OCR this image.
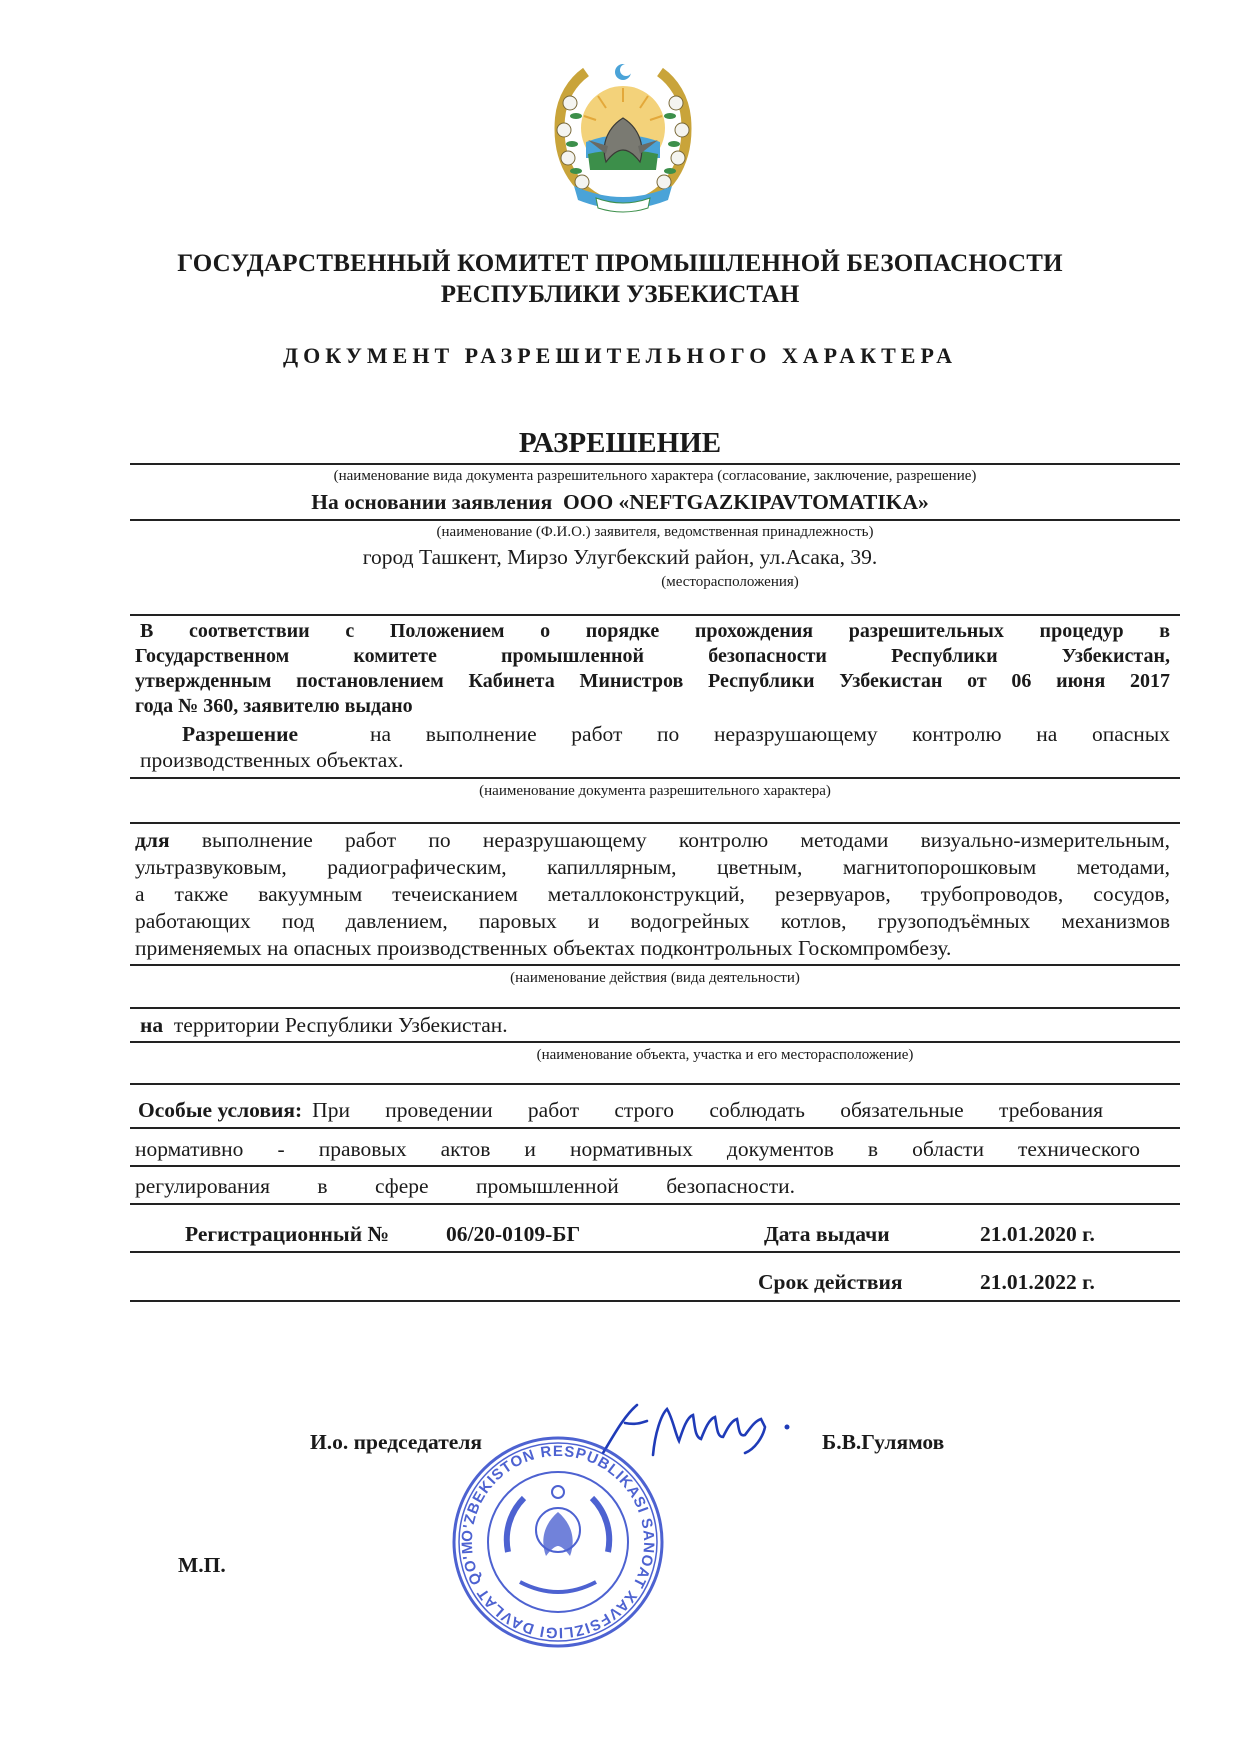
ГОСУДАРСТВЕННЫЙ КОМИТЕТ ПРОМЫШЛЕННОЙ БЕЗОПАСНОСТИ
РЕСПУБЛИКИ УЗБЕКИСТАН
ДОКУМЕНТ РАЗРЕШИТЕЛЬНОГО ХАРАКТЕРА
РАЗРЕШЕНИЕ
(наименование вида документа разрешительного характера (согласование, заключение, разрешение)
На основании заявления ООО «NEFTGAZKIPAVTOMATIKA»
(наименование (Ф.И.О.) заявителя, ведомственная принадлежность)
город Ташкент, Мирзо Улугбекский район, ул.Асака, 39.
(месторасположения)
В соответствии с Положением о порядке прохождения разрешительных процедур в
Государственном комитете промышленной безопасности Республики Узбекистан,
утвержденным постановлением Кабинета Министров Республики Узбекистан от 06 июня 2017
года № 360, заявителю выдано
Разрешение	на выполнение работ по неразрушающему контролю на опасных
производственных объектах.
(наименование документа разрешительного характера)
для выполнение работ по неразрушающему контролю методами визуально-измерительным,
ультразвуковым, радиографическим, капиллярным, цветным, магнитопорошковым методами,
а также вакуумным течеисканием металлоконструкций, резервуаров, трубопроводов, сосудов,
работающих под давлением, паровых и водогрейных котлов, грузоподъёмных механизмов
применяемых на опасных производственных объектах подконтрольных Госкомпромбезу.
(наименование действия (вида деятельности)
на территории Республики Узбекистан.
(наименование объекта, участка и его месторасположение)
Особые условия: При проведении работ строго соблюдать обязательные требования
нормативно - правовых актов и нормативных документов в области технического
регулирования в сфере промышленной безопасности.
Регистрационный №	06/20-0109-БГ	Дата выдачи	21.01.2020 г.
Срок действия	21.01.2022 г.
И.о. председателя	Б.В.Гулямов
М.П.
O'ZBEKISTON RESPUBLIKASI SANOAT XAVFSIZLIGI DAVLAT QO'M
